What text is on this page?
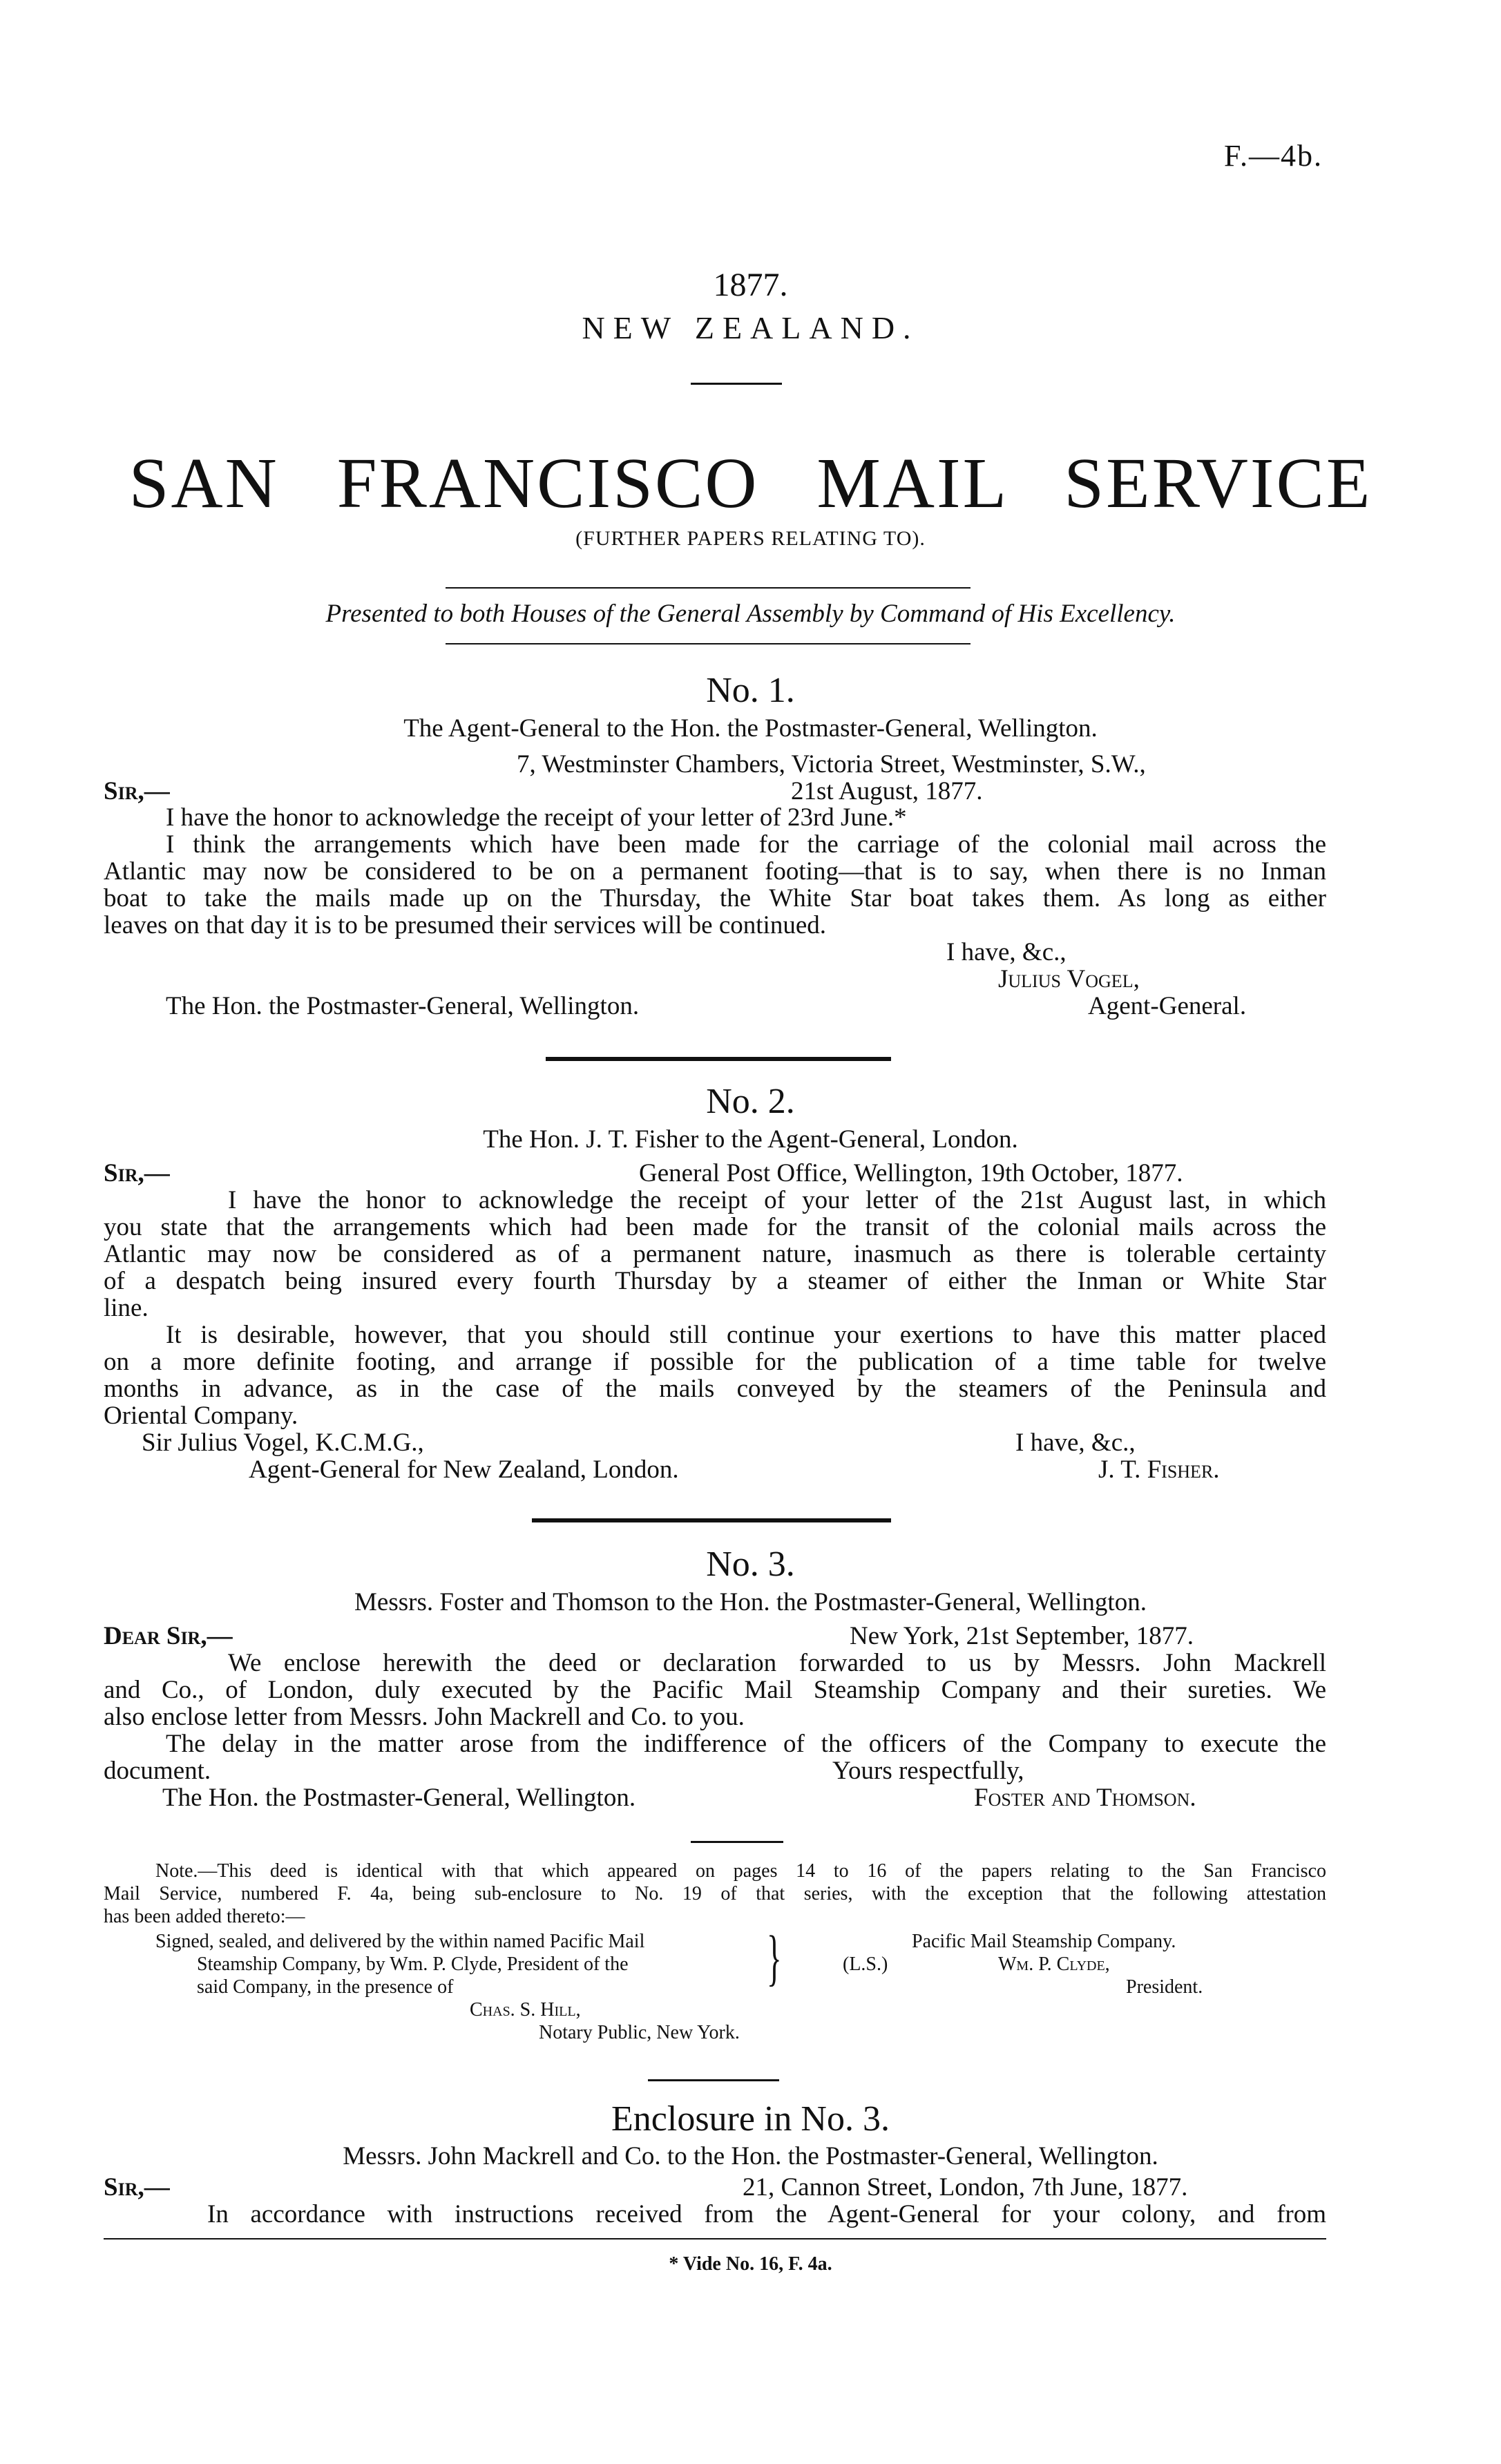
F.—4b.
1877.
NEW ZEALAND.
SAN FRANCISCO MAIL SERVICE
(FURTHER PAPERS RELATING TO).
Presented to both Houses of the General Assembly by Command of His Excellency.
No. 1.
The Agent-General to the Hon. the Postmaster-General, Wellington.
7, Westminster Chambers, Victoria Street, Westminster, S.W.,
Sir,—	21st August, 1877.
I have the honor to acknowledge the receipt of your letter of 23rd June.*
I think the arrangements which have been made for the carriage of the colonial mail across the
Atlantic may now be considered to be on a permanent footing—that is to say, when there is no Inman
boat to take the mails made up on the Thursday, the White Star boat takes them. As long as either
leaves on that day it is to be presumed their services will be continued.
I have, &c.,
Julius Vogel,
The Hon. the Postmaster-General, Wellington.	Agent-General.
No. 2.
The Hon. J. T. Fisher to the Agent-General, London.
Sir,—	General Post Office, Wellington, 19th October, 1877.
I have the honor to acknowledge the receipt of your letter of the 21st August last, in which
you state that the arrangements which had been made for the transit of the colonial mails across the
Atlantic may now be considered as of a permanent nature, inasmuch as there is tolerable certainty
of a despatch being insured every fourth Thursday by a steamer of either the Inman or White Star
line.
It is desirable, however, that you should still continue your exertions to have this matter placed
on a more definite footing, and arrange if possible for the publication of a time table for twelve
months in advance, as in the case of the mails conveyed by the steamers of the Peninsula and
Oriental Company.
Sir Julius Vogel, K.C.M.G.,	I have, &c.,
Agent-General for New Zealand, London.	J. T. Fisher.
No. 3.
Messrs. Foster and Thomson to the Hon. the Postmaster-General, Wellington.
Dear Sir,—	New York, 21st September, 1877.
We enclose herewith the deed or declaration forwarded to us by Messrs. John Mackrell
and Co., of London, duly executed by the Pacific Mail Steamship Company and their sureties. We
also enclose letter from Messrs. John Mackrell and Co. to you.
The delay in the matter arose from the indifference of the officers of the Company to execute the
document.	Yours respectfully,
The Hon. the Postmaster-General, Wellington.	Foster and Thomson.
Note.—This deed is identical with that which appeared on pages 14 to 16 of the papers relating to the San Francisco
Mail Service, numbered F. 4a, being sub-enclosure to No. 19 of that series, with the exception that the following attestation
has been added thereto:—
Signed, sealed, and delivered by the within named Pacific Mail
Steamship Company, by Wm. P. Clyde, President of the
said Company, in the presence of	}	(L.S.)
Pacific Mail Steamship Company.
Wm. P. Clyde,
President.
Chas. S. Hill,
Notary Public, New York.
Enclosure in No. 3.
Messrs. John Mackrell and Co. to the Hon. the Postmaster-General, Wellington.
Sir,—	21, Cannon Street, London, 7th June, 1877.
In accordance with instructions received from the Agent-General for your colony, and from
* Vide No. 16, F. 4a.
